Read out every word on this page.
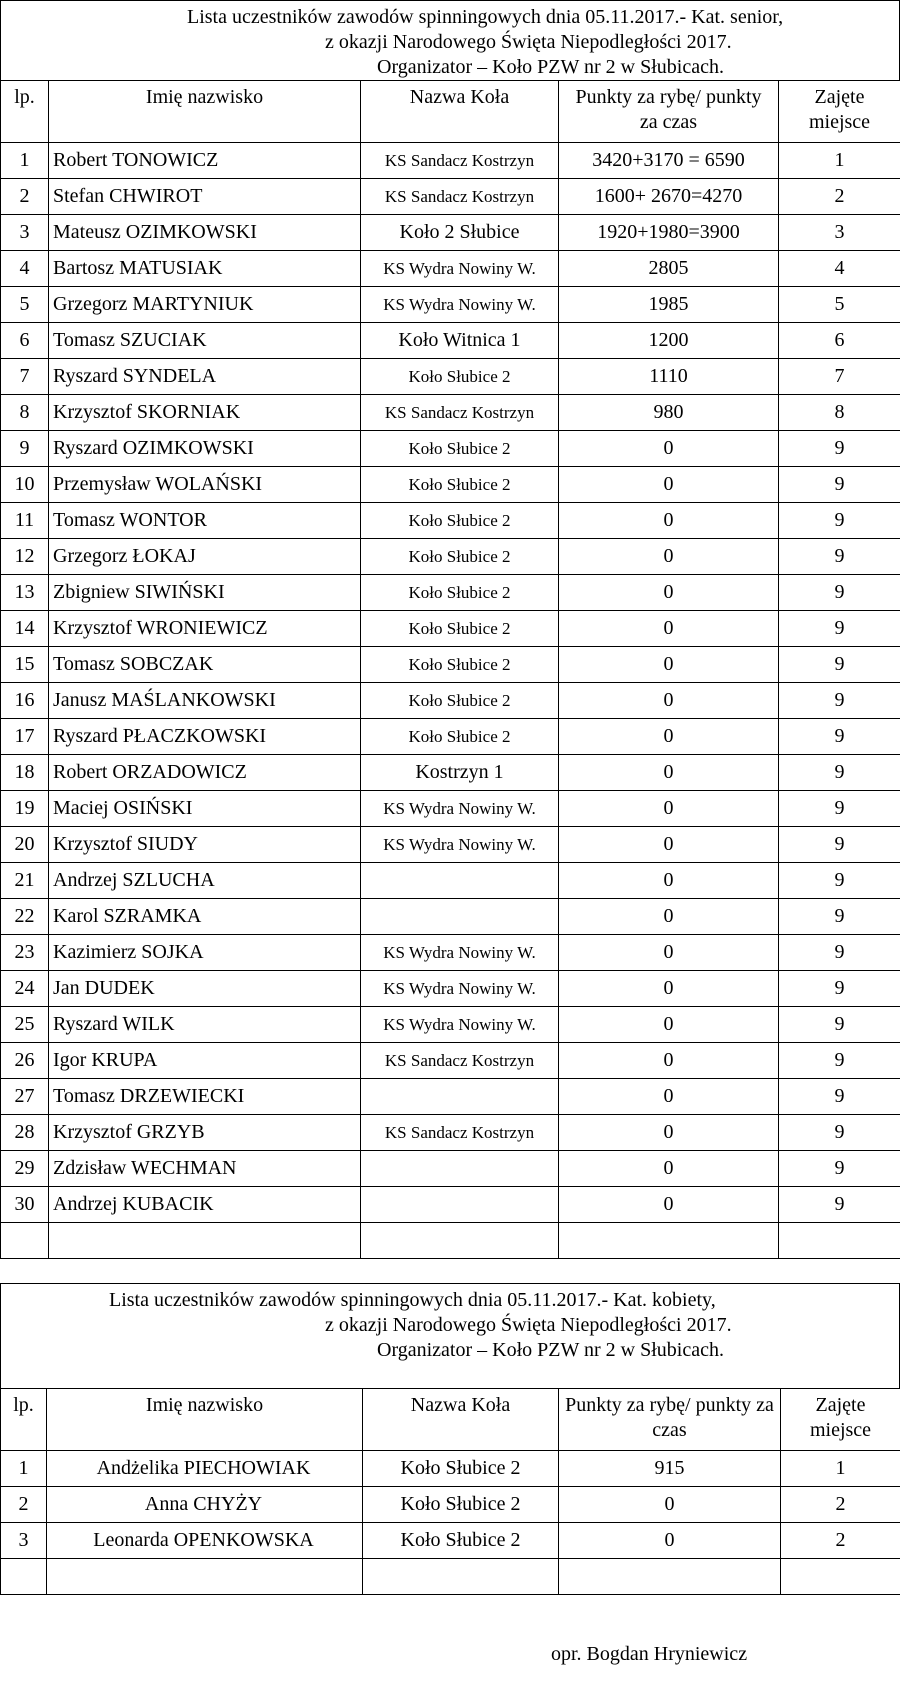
Lista uczestników zawodów spinningowych dnia 05.11.2017.- Kat. senior,
z okazji Narodowego Święta Niepodległości 2017.
Organizator – Koło PZW nr 2 w Słubicach.
lp.	Imię nazwisko	Nazwa Koła	Punkty za rybę/ punkty za czas	Zajęte miejsce
1	Robert TONOWICZ	KS Sandacz Kostrzyn	3420+3170 = 6590	1
2	Stefan CHWIROT	KS Sandacz Kostrzyn	1600+ 2670=4270	2
3	Mateusz OZIMKOWSKI	Koło 2 Słubice	1920+1980=3900	3
4	Bartosz MATUSIAK	KS Wydra Nowiny W.	2805	4
5	Grzegorz MARTYNIUK	KS Wydra Nowiny W.	1985	5
6	Tomasz SZUCIAK	Koło Witnica 1	1200	6
7	Ryszard SYNDELA	Koło Słubice 2	1110	7
8	Krzysztof SKORNIAK	KS Sandacz Kostrzyn	980	8
9	Ryszard OZIMKOWSKI	Koło Słubice 2	0	9
10	Przemysław WOLAŃSKI	Koło Słubice 2	0	9
11	Tomasz WONTOR	Koło Słubice 2	0	9
12	Grzegorz ŁOKAJ	Koło Słubice 2	0	9
13	Zbigniew SIWIŃSKI	Koło Słubice 2	0	9
14	Krzysztof WRONIEWICZ	Koło Słubice 2	0	9
15	Tomasz SOBCZAK	Koło Słubice 2	0	9
16	Janusz MAŚLANKOWSKI	Koło Słubice 2	0	9
17	Ryszard PŁACZKOWSKI	Koło Słubice 2	0	9
18	Robert ORZADOWICZ	Kostrzyn 1	0	9
19	Maciej OSIŃSKI	KS Wydra Nowiny W.	0	9
20	Krzysztof SIUDY	KS Wydra Nowiny W.	0	9
21	Andrzej SZLUCHA		0	9
22	Karol SZRAMKA		0	9
23	Kazimierz SOJKA	KS Wydra Nowiny W.	0	9
24	Jan DUDEK	KS Wydra Nowiny W.	0	9
25	Ryszard WILK	KS Wydra Nowiny W.	0	9
26	Igor KRUPA	KS Sandacz Kostrzyn	0	9
27	Tomasz DRZEWIECKI		0	9
28	Krzysztof GRZYB	KS Sandacz Kostrzyn	0	9
29	Zdzisław WECHMAN		0	9
30	Andrzej KUBACIK		0	9

Lista uczestników zawodów spinningowych dnia 05.11.2017.- Kat. kobiety,
z okazji Narodowego Święta Niepodległości 2017.
Organizator – Koło PZW nr 2 w Słubicach.
lp.	Imię nazwisko	Nazwa Koła	Punkty za rybę/ punkty za czas	Zajęte miejsce
1	Andżelika PIECHOWIAK	Koło Słubice 2	915	1
2	Anna CHYŻY	Koło Słubice 2	0	2
3	Leonarda OPENKOWSKA	Koło Słubice 2	0	2

opr. Bogdan Hryniewicz
